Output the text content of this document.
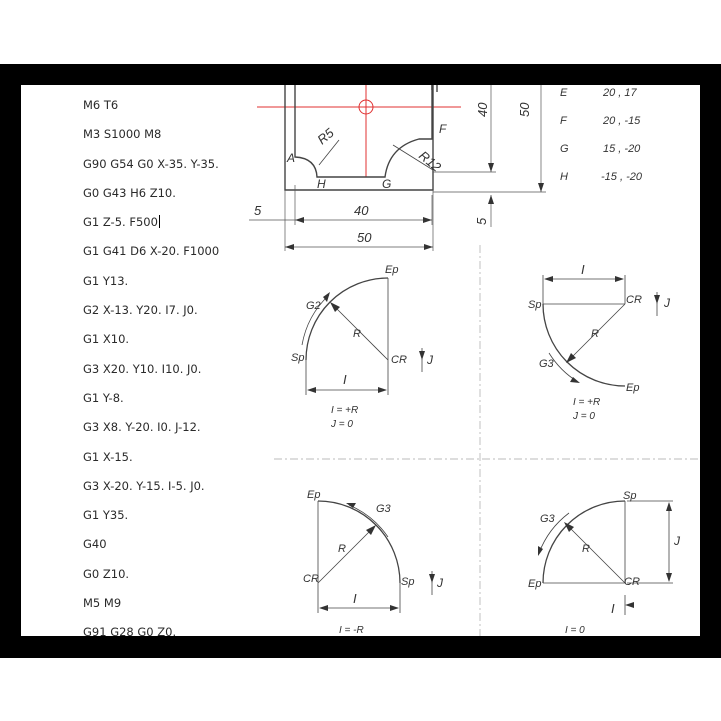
M6 T6
M3 S1000 M8
G90 G54 G0 X-35. Y-35.
G0 G43 H6 Z10.
G1 Z-5. F500
G1 G41 D6 X-20. F1000
G1 Y13.
G2 X-13. Y20. I7. J0.
G1 X10.
G3 X20. Y10. I10. J0.
G1 Y-8.
G3 X8. Y-20. I0. J-12.
G1 X-15.
G3 X-20. Y-15. I-5. J0.
G1 Y35.
G40
G0 Z10.
M5 M9
G91 G28 G0 Z0.
R5
R12
A
F
H	G
40 50
5
40
5
50
E	20 , 17
F	20 , -15
G	15 , -20
H	-15 , -20
Ep
G2
R
Sp	CR J
I
I = +R
J = 0
I
Sp	CR J
R
G3
Ep
I = +R
J = 0
Ep
G3
R
CR	Sp J
I
I = -R
Sp
G3
R
J
Ep	CR
I
I = 0
